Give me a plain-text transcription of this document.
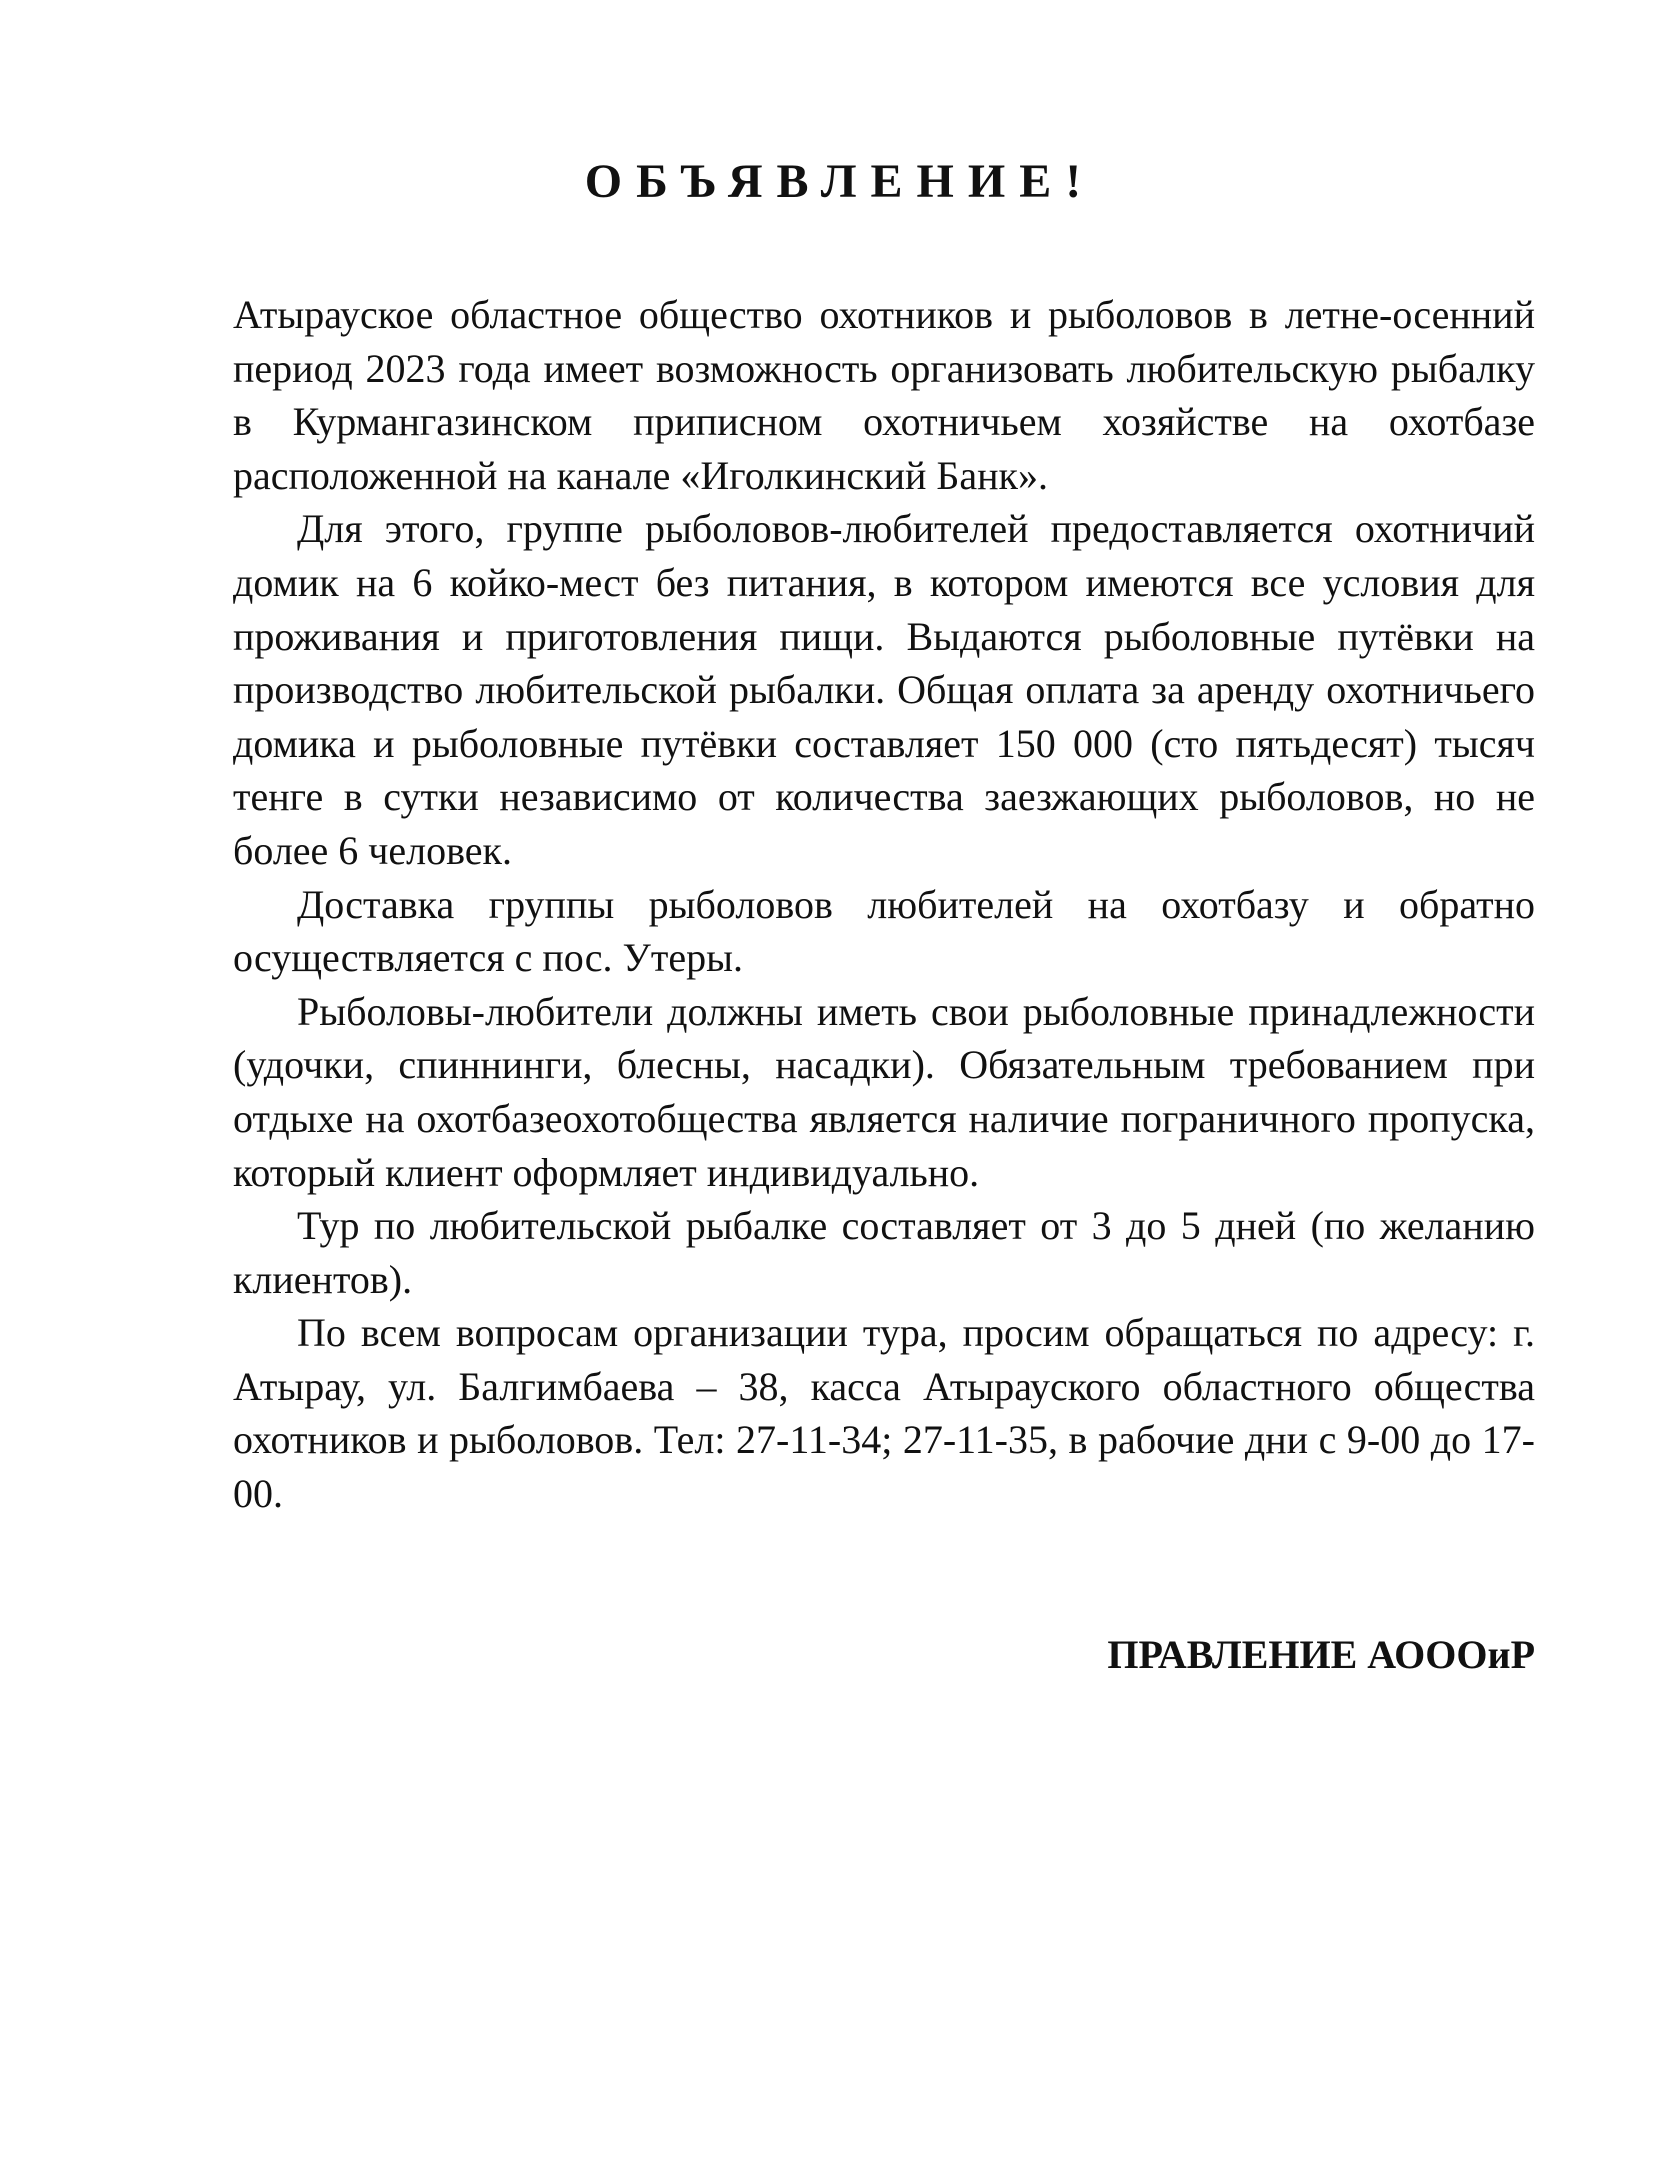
ОБЪЯВЛЕНИЕ!

Атырауское областное общество охотников и рыболовов в летне-осенний период 2023 года имеет возможность организовать любительскую рыбалку в Курмангазинском приписном охотничьем хозяйстве на охотбазе расположенной на канале «Иголкинский Банк».

Для этого, группе рыболовов-любителей предоставляется охотничий домик на 6 койко-мест без питания, в котором имеются все условия для проживания и приготовления пищи. Выдаются рыболовные путёвки на производство любительской рыбалки. Общая оплата за аренду охотничьего домика и рыболовные путёвки составляет 150 000 (сто пятьдесят) тысяч тенге в сутки независимо от количества заезжающих рыболовов, но не более 6 человек.

Доставка группы рыболовов любителей на охотбазу и обратно осуществляется с пос. Утеры.

Рыболовы-любители должны иметь свои рыболовные принадлежности (удочки, спиннинги, блесны, насадки). Обязательным требованием при отдыхе на охотбазеохотобщества является наличие пограничного пропуска, который клиент оформляет индивидуально.

Тур по любительской рыбалке составляет от 3 до 5 дней (по желанию клиентов).

По всем вопросам организации тура, просим обращаться по адресу: г. Атырау, ул. Балгимбаева – 38, касса Атырауского областного общества охотников и рыболовов. Тел: 27-11-34; 27-11-35, в рабочие дни с 9-00 до 17-00.

ПРАВЛЕНИЕ АОООиР
